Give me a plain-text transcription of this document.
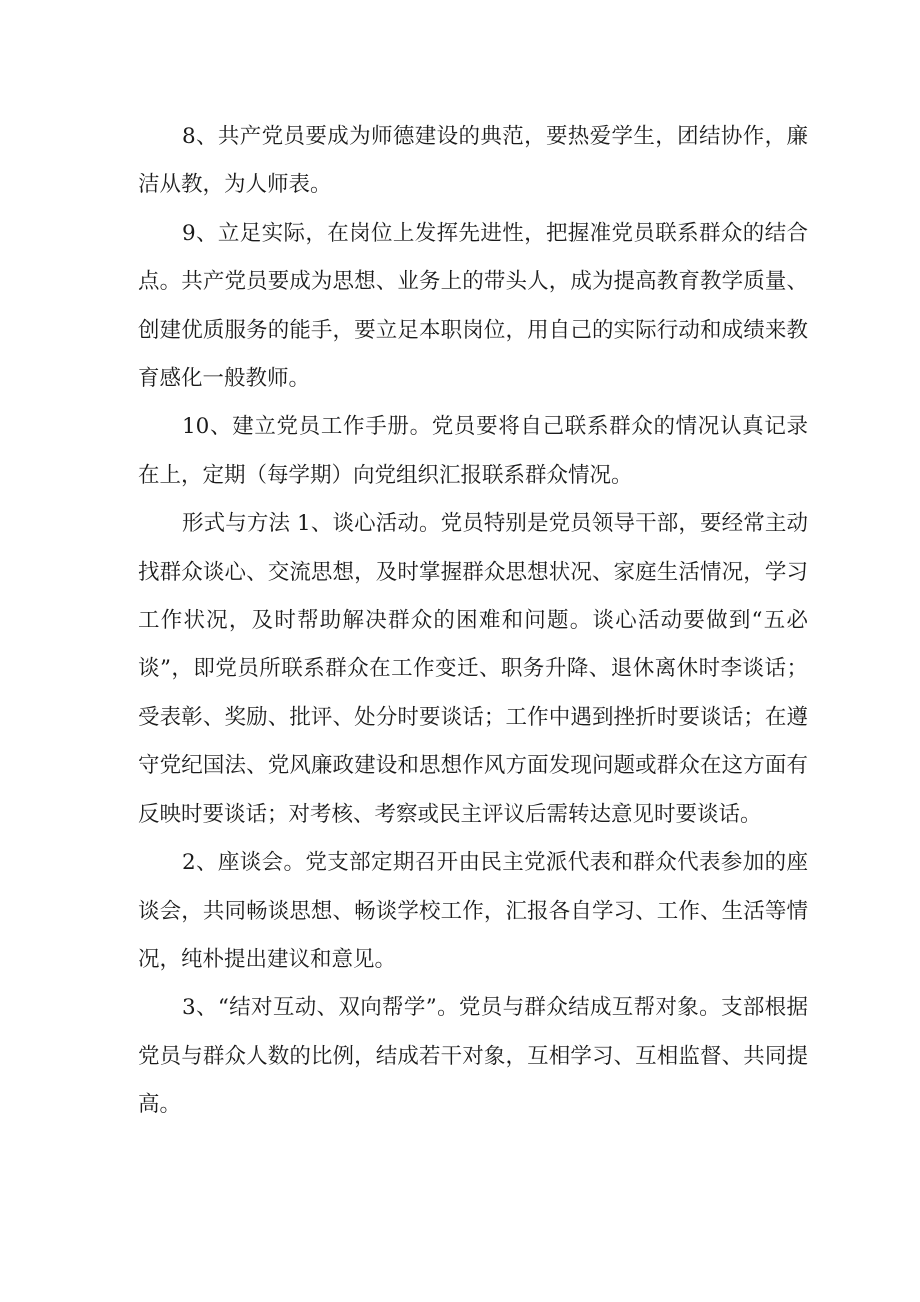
8、共产党员要成为师德建设的典范，要热爱学生，团结协作，廉洁从教，为人师表。

9、立足实际，在岗位上发挥先进性，把握准党员联系群众的结合点。共产党员要成为思想、业务上的带头人，成为提高教育教学质量、创建优质服务的能手，要立足本职岗位，用自己的实际行动和成绩来教育感化一般教师。

10、建立党员工作手册。党员要将自己联系群众的情况认真记录在上，定期（每学期）向党组织汇报联系群众情况。

形式与方法 1、谈心活动。党员特别是党员领导干部，要经常主动找群众谈心、交流思想，及时掌握群众思想状况、家庭生活情况，学习工作状况，及时帮助解决群众的困难和问题。谈心活动要做到“五必谈”，即党员所联系群众在工作变迁、职务升降、退休离休时李谈话；受表彰、奖励、批评、处分时要谈话；工作中遇到挫折时要谈话；在遵守党纪国法、党风廉政建设和思想作风方面发现问题或群众在这方面有反映时要谈话；对考核、考察或民主评议后需转达意见时要谈话。

2、座谈会。党支部定期召开由民主党派代表和群众代表参加的座谈会，共同畅谈思想、畅谈学校工作，汇报各自学习、工作、生活等情况，纯朴提出建议和意见。

3、“结对互动、双向帮学”。党员与群众结成互帮对象。支部根据党员与群众人数的比例，结成若干对象，互相学习、互相监督、共同提高。
